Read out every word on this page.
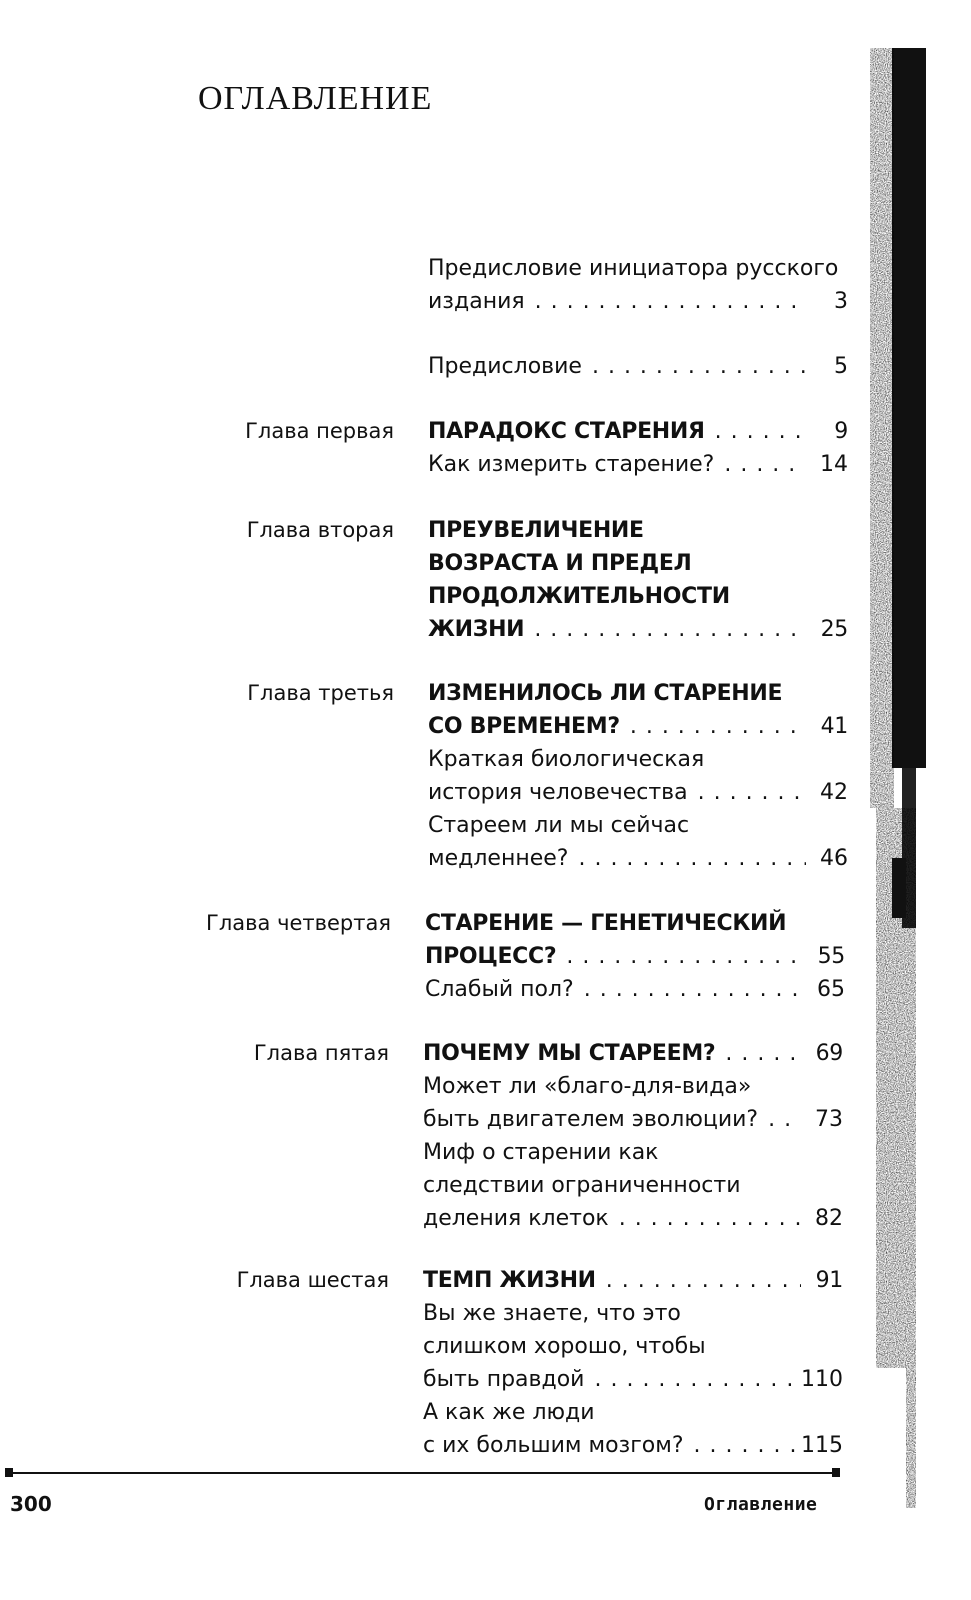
ОГЛАВЛЕНИЕ
Предисловие инициатора русского
издания . . .	3
Предисловие . . .	5
Глава первая ПАРАДОКС СТАРЕНИЯ . . .	9
Как измерить старение? . . .	14
Глава вторая ПРЕУВЕЛИЧЕНИЕ
ВОЗРАСТА И ПРЕДЕЛ
ПРОДОЛЖИТЕЛЬНОСТИ
ЖИЗНИ . . .	25
Глава третья ИЗМЕНИЛОСЬ ЛИ СТАРЕНИЕ
СО ВРЕМЕНЕМ? . . .	41
Краткая биологическая
история человечества . . .	42
Стареем ли мы сейчас
медленнее? . . .	46
Глава четвертая СТАРЕНИЕ — ГЕНЕТИЧЕСКИЙ
ПРОЦЕСС? . . .	55
Слабый пол? . . .	65
Глава пятая ПОЧЕМУ МЫ СТАРЕЕМ? . . .	69
Может ли «благо-для-вида»
быть двигателем эволюции? . . .	73
Миф о старении как
следствии ограниченности
деления клеток . . .	82
Глава шестая ТЕМП ЖИЗНИ . . .	91
Вы же знаете, что это
слишком хорошо, чтобы
быть правдой . . .	110
А как же люди
с их большим мозгом? . . .	115
300	Оглавление
